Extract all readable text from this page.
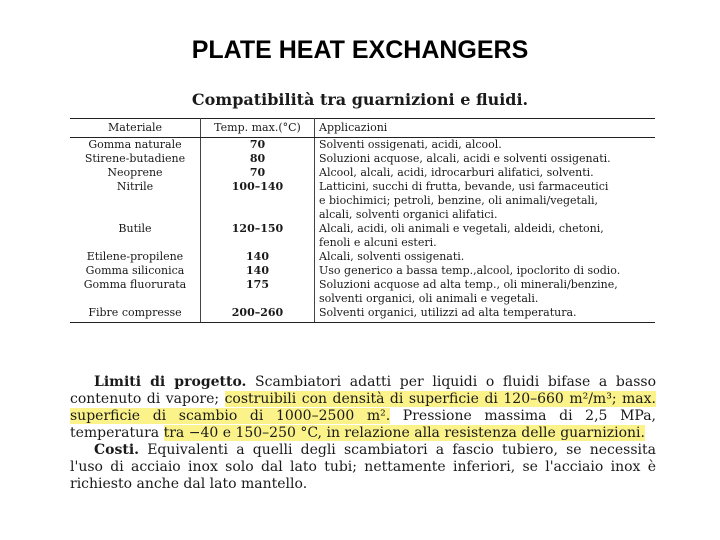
PLATE HEAT EXCHANGERS
Compatibilità tra guarnizioni e fluidi.
Materiale	Temp. max.(°C)	Applicazioni
Gomma naturale	70	Solventi ossigenati, acidi, alcool.

Stirene-butadiene	80	Soluzioni acquose, alcali, acidi e solventi ossigenati.

Neoprene	70	Alcool, alcali, acidi, idrocarburi alifatici, solventi.

Nitrile	100–140	Latticini, succhi di frutta, bevande, usi farmaceutici
e biochimici; petroli, benzine, oli animali/vegetali,
alcali, solventi organici alifatici.

Butile	120–150	Alcali, acidi, oli animali e vegetali, aldeidi, chetoni,
fenoli e alcuni esteri.

Etilene-propilene	140	Alcali, solventi ossigenati.

Gomma siliconica	140	Uso generico a bassa temp.,alcool, ipoclorito di sodio.

Gomma fluorurata	175	Soluzioni acquose ad alta temp., oli minerali/benzine,
solventi organici, oli animali e vegetali.

Fibre compresse	200–260	Solventi organici, utilizzi ad alta temperatura.

Limiti di progetto. Scambiatori adatti per liquidi o fluidi bifase a basso contenuto di vapore; costruibili con densità di superficie di 120–660 m²/m³; max. superficie di scambio di 1000–2500 m². Pressione massima di 2,5 MPa, temperatura tra −40 e 150–250 °C, in relazione alla resistenza delle guarnizioni.

Costi. Equivalenti a quelli degli scambiatori a fascio tubiero, se necessita l'uso di acciaio inox solo dal lato tubi; nettamente inferiori, se l'acciaio inox è richiesto anche dal lato mantello.
